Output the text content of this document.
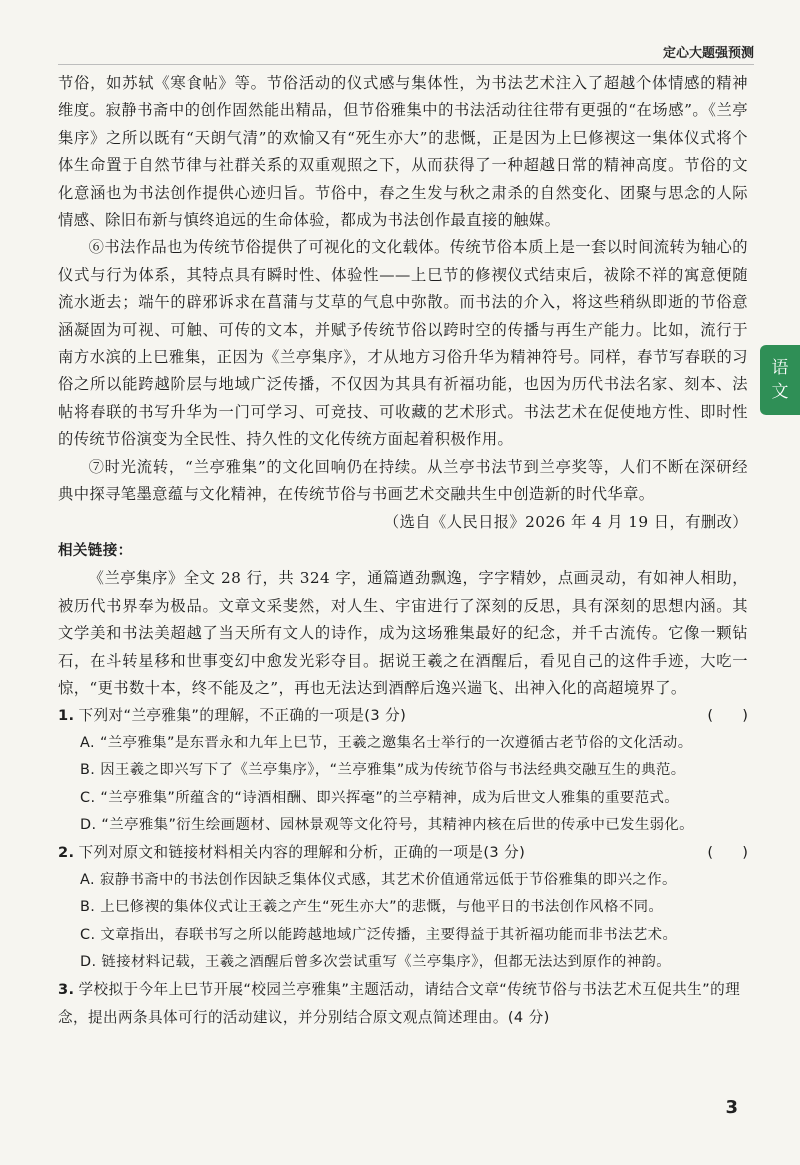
定心大题强预测

节俗，如苏轼《寒食帖》等。节俗活动的仪式感与集体性，为书法艺术注入了超越个体情感的精神维度。寂静书斋中的创作固然能出精品，但节俗雅集中的书法活动往往带有更强的“在场感”。《兰亭集序》之所以既有“天朗气清”的欢愉又有“死生亦大”的悲慨，正是因为上巳修禊这一集体仪式将个体生命置于自然节律与社群关系的双重观照之下，从而获得了一种超越日常的精神高度。节俗的文化意涵也为书法创作提供心迹归旨。节俗中，春之生发与秋之肃杀的自然变化、团聚与思念的人际情感、除旧布新与慎终追远的生命体验，都成为书法创作最直接的触媒。

⑥书法作品也为传统节俗提供了可视化的文化载体。传统节俗本质上是一套以时间流转为轴心的仪式与行为体系，其特点具有瞬时性、体验性——上巳节的修禊仪式结束后，祓除不祥的寓意便随流水逝去；端午的辟邪诉求在菖蒲与艾草的气息中弥散。而书法的介入，将这些稍纵即逝的节俗意涵凝固为可视、可触、可传的文本，并赋予传统节俗以跨时空的传播与再生产能力。比如，流行于南方水滨的上巳雅集，正因为《兰亭集序》，才从地方习俗升华为精神符号。同样，春节写春联的习俗之所以能跨越阶层与地域广泛传播，不仅因为其具有祈福功能，也因为历代书法名家、刻本、法帖将春联的书写升华为一门可学习、可竞技、可收藏的艺术形式。书法艺术在促使地方性、即时性的传统节俗演变为全民性、持久性的文化传统方面起着积极作用。

⑦时光流转，“兰亭雅集”的文化回响仍在持续。从兰亭书法节到兰亭奖等，人们不断在深研经典中探寻笔墨意蕴与文化精神，在传统节俗与书画艺术交融共生中创造新的时代华章。

（选自《人民日报》2026 年 4 月 19 日，有删改）

相关链接：

《兰亭集序》全文 28 行，共 324 字，通篇遒劲飘逸，字字精妙，点画灵动，有如神人相助，被历代书界奉为极品。文章文采斐然，对人生、宇宙进行了深刻的反思，具有深刻的思想内涵。其文学美和书法美超越了当天所有文人的诗作，成为这场雅集最好的纪念，并千古流传。它像一颗钻石，在斗转星移和世事变幻中愈发光彩夺目。据说王羲之在酒醒后，看见自己的这件手迹，大吃一惊，“更书数十本，终不能及之”，再也无法达到酒醉后逸兴遄飞、出神入化的高超境界了。

1. 下列对“兰亭雅集”的理解，不正确的一项是(3 分)	(　　)

A. “兰亭雅集”是东晋永和九年上巳节，王羲之邀集名士举行的一次遵循古老节俗的文化活动。

B. 因王羲之即兴写下了《兰亭集序》，“兰亭雅集”成为传统节俗与书法经典交融互生的典范。

C. “兰亭雅集”所蕴含的“诗酒相酬、即兴挥毫”的兰亭精神，成为后世文人雅集的重要范式。

D. “兰亭雅集”衍生绘画题材、园林景观等文化符号，其精神内核在后世的传承中已发生弱化。

2. 下列对原文和链接材料相关内容的理解和分析，正确的一项是(3 分)	(　　)

A. 寂静书斋中的书法创作因缺乏集体仪式感，其艺术价值通常远低于节俗雅集的即兴之作。

B. 上巳修禊的集体仪式让王羲之产生“死生亦大”的悲慨，与他平日的书法创作风格不同。

C. 文章指出，春联书写之所以能跨越地域广泛传播，主要得益于其祈福功能而非书法艺术。

D. 链接材料记载，王羲之酒醒后曾多次尝试重写《兰亭集序》，但都无法达到原作的神韵。

3. 学校拟于今年上巳节开展“校园兰亭雅集”主题活动，请结合文章“传统节俗与书法艺术互促共生”的理念，提出两条具体可行的活动建议，并分别结合原文观点简述理由。(4 分)

语
文
3
